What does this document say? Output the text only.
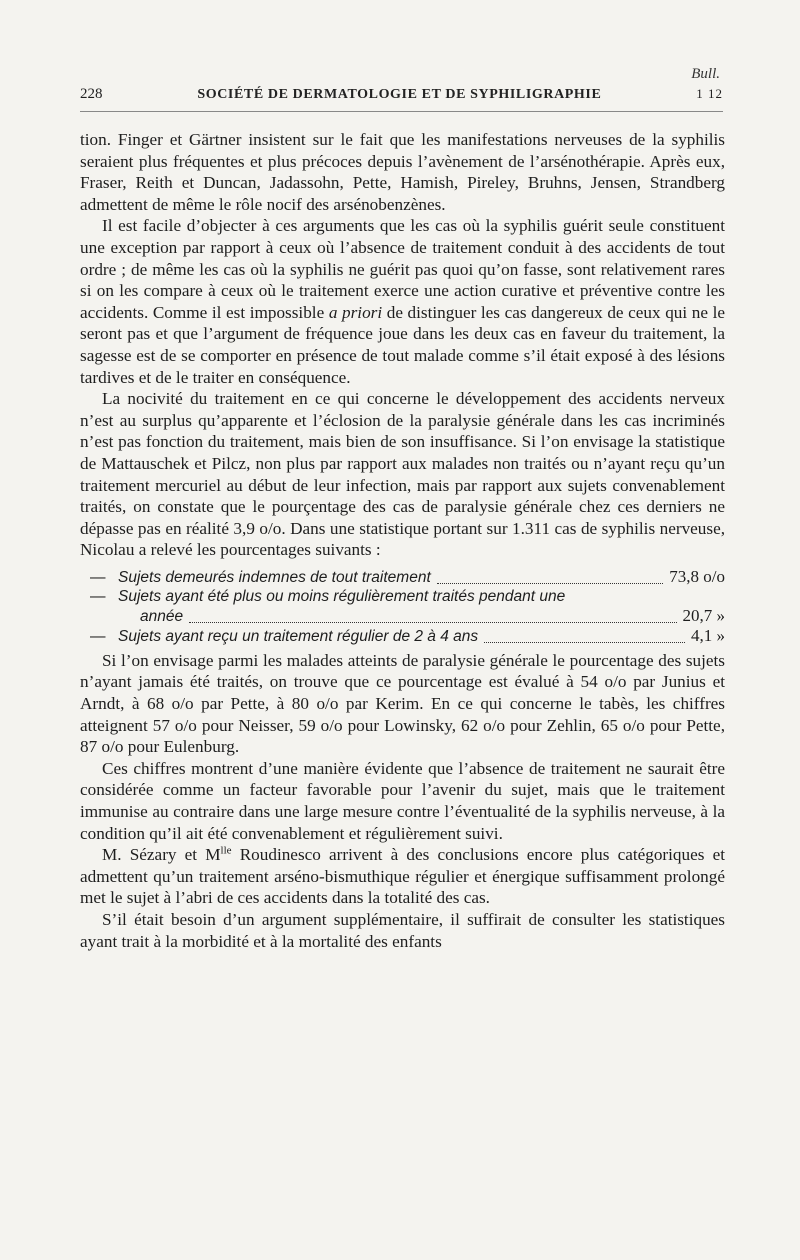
Bull.
228	SOCIÉTÉ DE DERMATOLOGIE ET DE SYPHILIGRAPHIE	1 12

tion. Finger et Gärtner insistent sur le fait que les manifestations nerveuses de la syphilis seraient plus fréquentes et plus précoces depuis l’avènement de l’arsénothérapie. Après eux, Fraser, Reith et Duncan, Jadassohn, Pette, Hamish, Pireley, Bruhns, Jensen, Strandberg admettent de même le rôle nocif des arsénobenzènes.

Il est facile d’objecter à ces arguments que les cas où la syphilis guérit seule constituent une exception par rapport à ceux où l’absence de traitement conduit à des accidents de tout ordre ; de même les cas où la syphilis ne guérit pas quoi qu’on fasse, sont relativement rares si on les compare à ceux où le traitement exerce une action curative et préventive contre les accidents. Comme il est impossible a priori de distinguer les cas dangereux de ceux qui ne le seront pas et que l’argument de fréquence joue dans les deux cas en faveur du traitement, la sagesse est de se comporter en présence de tout malade comme s’il était exposé à des lésions tardives et de le traiter en conséquence.

La nocivité du traitement en ce qui concerne le développement des accidents nerveux n’est au surplus qu’apparente et l’éclosion de la paralysie générale dans les cas incriminés n’est pas fonction du traitement, mais bien de son insuffisance. Si l’on envisage la statistique de Mattauschek et Pilcz, non plus par rapport aux malades non traités ou n’ayant reçu qu’un traitement mercuriel au début de leur infection, mais par rapport aux sujets convenablement traités, on constate que le pourçentage des cas de paralysie générale chez ces derniers ne dépasse pas en réalité 3,9 o/o. Dans une statistique portant sur 1.311 cas de syphilis nerveuse, Nicolau a relevé les pourcentages suivants :

— Sujets demeurés indemnes de tout traitement	73,8 o/o
— Sujets ayant été plus ou moins régulièrement traités pendant une
année	20,7 »
— Sujets ayant reçu un traitement régulier de 2 à 4 ans	4,1 »

Si l’on envisage parmi les malades atteints de paralysie générale le pourcentage des sujets n’ayant jamais été traités, on trouve que ce pourcentage est évalué à 54 o/o par Junius et Arndt, à 68 o/o par Pette, à 80 o/o par Kerim. En ce qui concerne le tabès, les chiffres atteignent 57 o/o pour Neisser, 59 o/o pour Lowinsky, 62 o/o pour Zehlin, 65 o/o pour Pette, 87 o/o pour Eulenburg.

Ces chiffres montrent d’une manière évidente que l’absence de traitement ne saurait être considérée comme un facteur favorable pour l’avenir du sujet, mais que le traitement immunise au contraire dans une large mesure contre l’éventualité de la syphilis nerveuse, à la condition qu’il ait été convenablement et régulièrement suivi.

M. Sézary et $M^{lle}$ Roudinesco arrivent à des conclusions encore plus catégoriques et admettent qu’un traitement arséno-bismuthique régulier et énergique suffisamment prolongé met le sujet à l’abri de ces accidents dans la totalité des cas.

S’il était besoin d’un argument supplémentaire, il suffirait de consulter les statistiques ayant trait à la morbidité et à la mortalité des enfants
